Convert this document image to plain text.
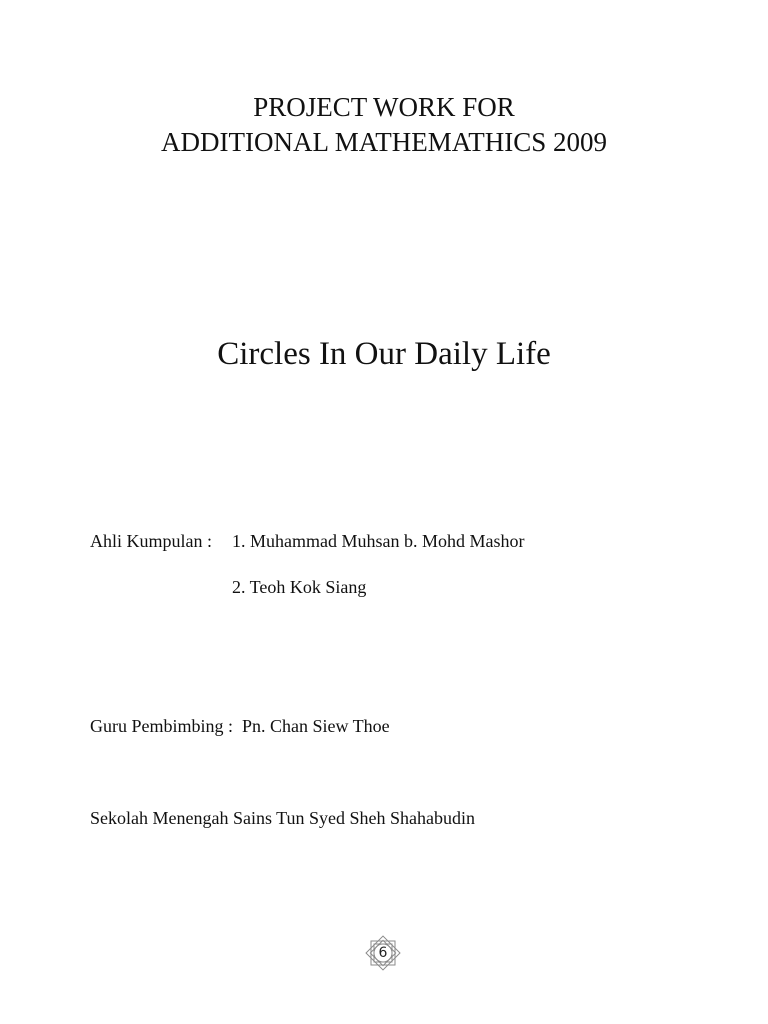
PROJECT WORK FOR
ADDITIONAL MATHEMATHICS 2009
Circles In Our Daily Life
Ahli Kumpulan : 1. Muhammad Muhsan b. Mohd Mashor
2. Teoh Kok Siang
Guru Pembimbing : Pn. Chan Siew Thoe
Sekolah Menengah Sains Tun Syed Sheh Shahabudin
6
